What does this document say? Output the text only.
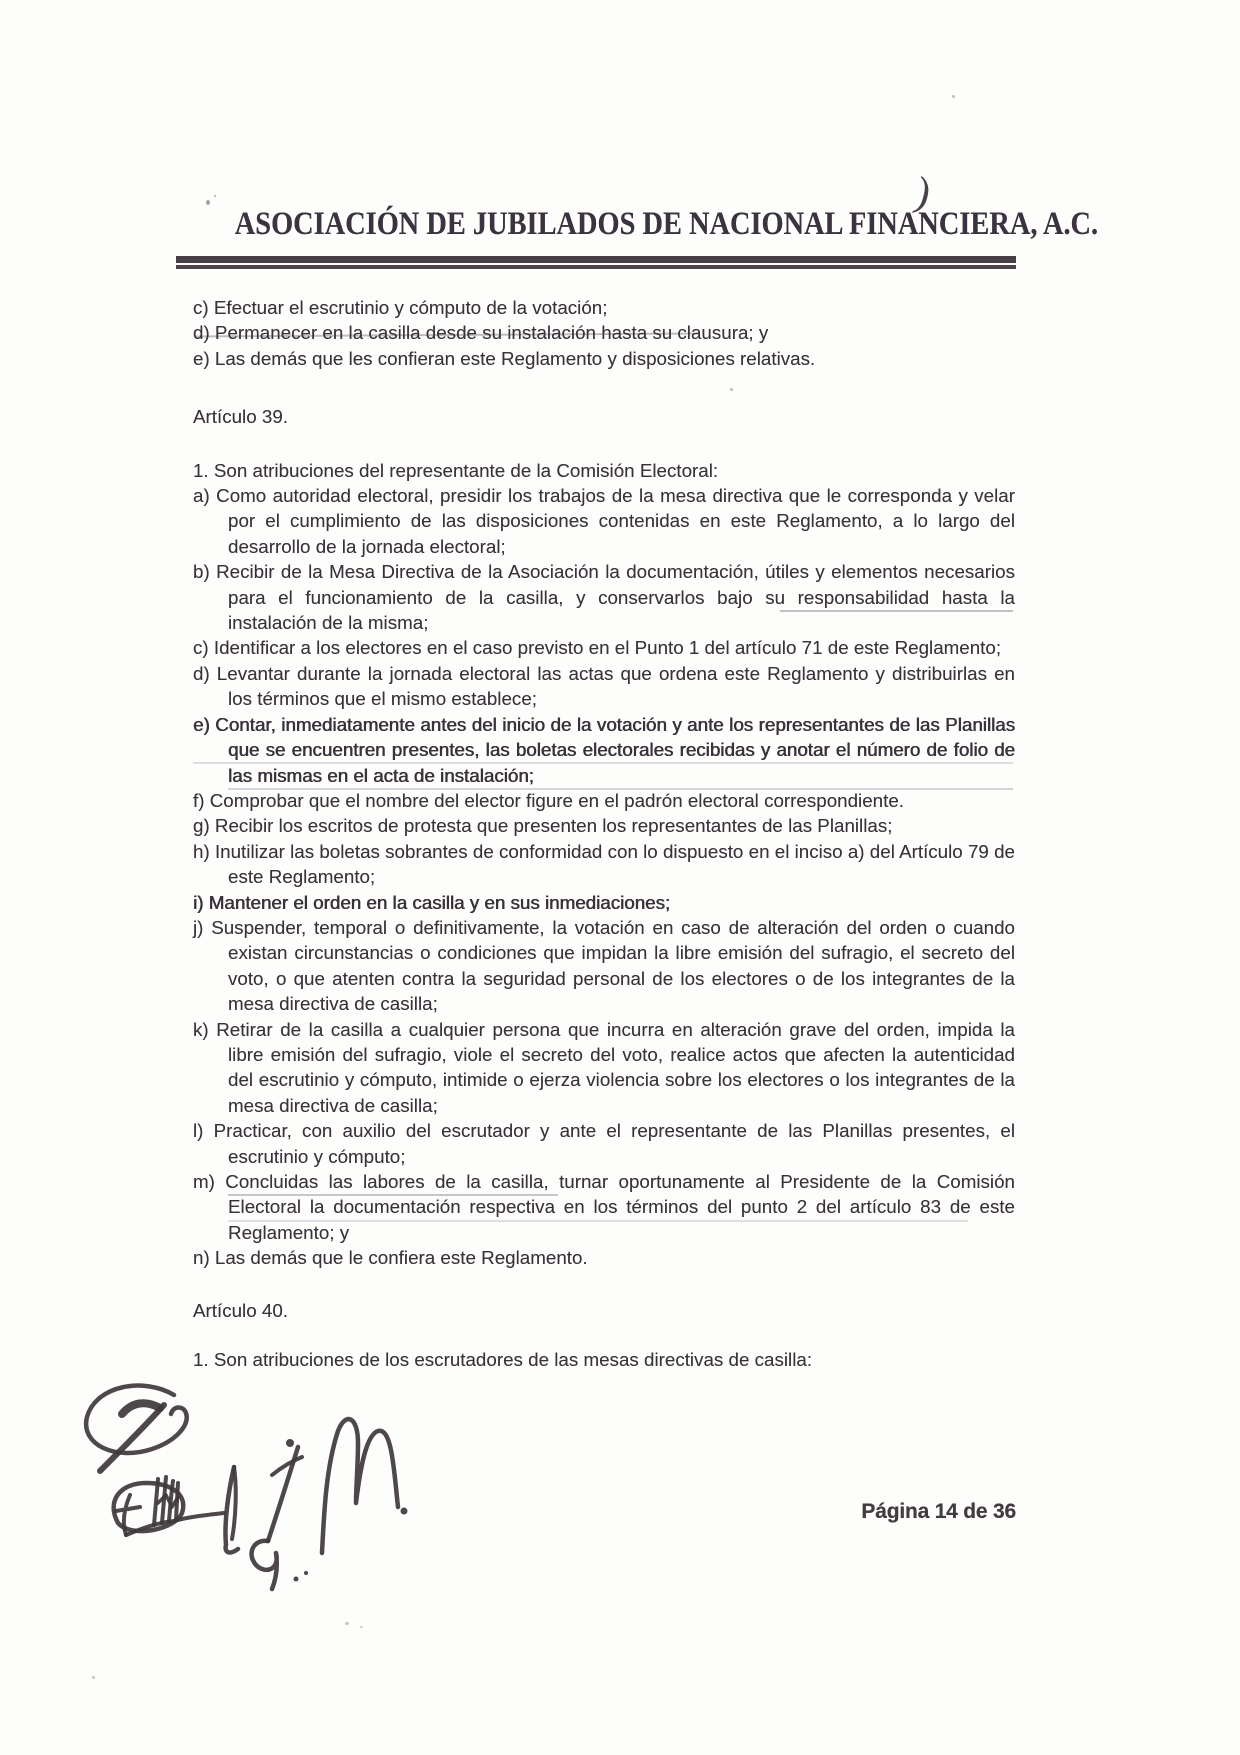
ASOCIACIÓN DE JUBILADOS DE NACIONAL FINANCIERA, A.C.
)
c) Efectuar el escrutinio y cómputo de la votación;
d) Permanecer en la casilla desde su instalación hasta su clausura; y
e) Las demás que les confieran este Reglamento y disposiciones relativas.
Artículo 39.
1. Son atribuciones del representante de la Comisión Electoral:
a) Como autoridad electoral, presidir los trabajos de la mesa directiva que le corresponda y velar por el cumplimiento de las disposiciones contenidas en este Reglamento, a lo largo del desarrollo de la jornada electoral;
b) Recibir de la Mesa Directiva de la Asociación la documentación, útiles y elementos necesarios para el funcionamiento de la casilla, y conservarlos bajo su responsabilidad hasta la instalación de la misma;
c) Identificar a los electores en el caso previsto en el Punto 1 del artículo 71 de este Reglamento;
d) Levantar durante la jornada electoral las actas que ordena este Reglamento y distribuirlas en los términos que el mismo establece;
e) Contar, inmediatamente antes del inicio de la votación y ante los representantes de las Planillas que se encuentren presentes, las boletas electorales recibidas y anotar el número de folio de las mismas en el acta de instalación;
f) Comprobar que el nombre del elector figure en el padrón electoral correspondiente.
g) Recibir los escritos de protesta que presenten los representantes de las Planillas;
h) Inutilizar las boletas sobrantes de conformidad con lo dispuesto en el inciso a) del Artículo 79 de este Reglamento;
i) Mantener el orden en la casilla y en sus inmediaciones;
j) Suspender, temporal o definitivamente, la votación en caso de alteración del orden o cuando existan circunstancias o condiciones que impidan la libre emisión del sufragio, el secreto del voto, o que atenten contra la seguridad personal de los electores o de los integrantes de la mesa directiva de casilla;
k) Retirar de la casilla a cualquier persona que incurra en alteración grave del orden, impida la libre emisión del sufragio, viole el secreto del voto, realice actos que afecten la autenticidad del escrutinio y cómputo, intimide o ejerza violencia sobre los electores o los integrantes de la mesa directiva de casilla;
l) Practicar, con auxilio del escrutador y ante el representante de las Planillas presentes, el escrutinio y cómputo;
m) Concluidas las labores de la casilla, turnar oportunamente al Presidente de la Comisión Electoral la documentación respectiva en los términos del punto 2 del artículo 83 de este Reglamento; y
n) Las demás que le confiera este Reglamento.
Artículo 40.
1. Son atribuciones de los escrutadores de las mesas directivas de casilla:
Página 14 de 36
